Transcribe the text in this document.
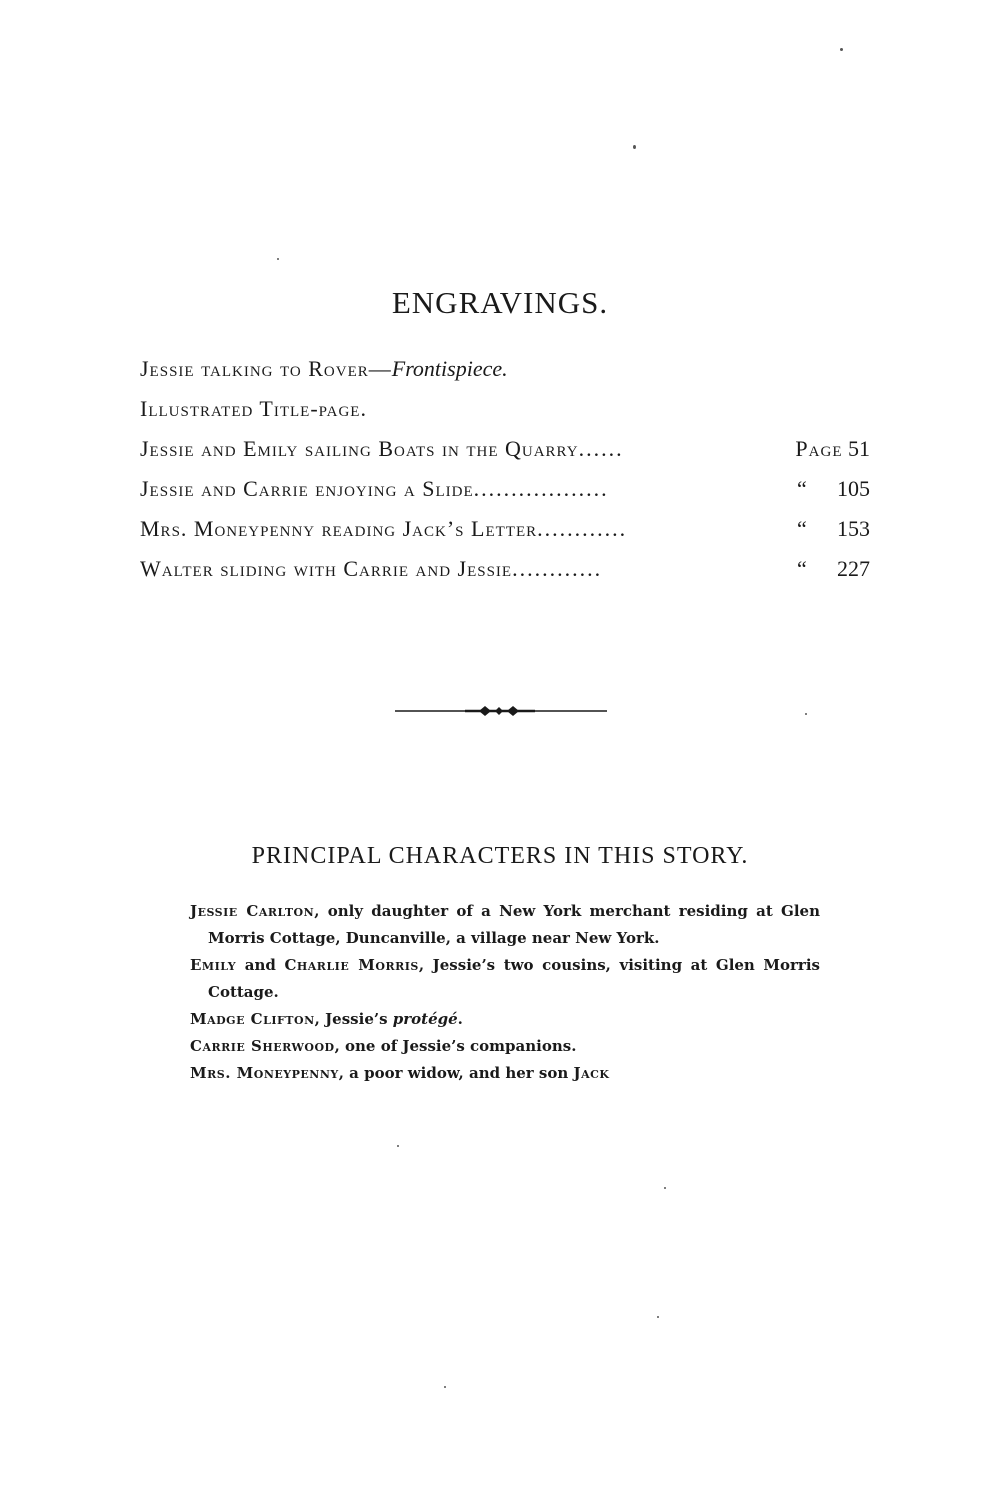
ENGRAVINGS.
Jessie talking to Rover—Frontispiece.
Illustrated Title-page.
Jessie and Emily sailing Boats in the Quarry ......	Page 51
Jessie and Carrie enjoying a Slide ..................	“ 105
Mrs. Moneypenny reading Jack’s Letter ............	“ 153
Walter sliding with Carrie and Jessie ............	“ 227
PRINCIPAL CHARACTERS IN THIS STORY.
Jessie Carlton, only daughter of a New York merchant residing at Glen Morris Cottage, Duncanville, a village near New York.
Emily and Charlie Morris, Jessie’s two cousins, visiting at Glen Morris Cottage.
Madge Clifton, Jessie’s protégé.
Carrie Sherwood, one of Jessie’s companions.
Mrs. Moneypenny, a poor widow, and her son Jack
